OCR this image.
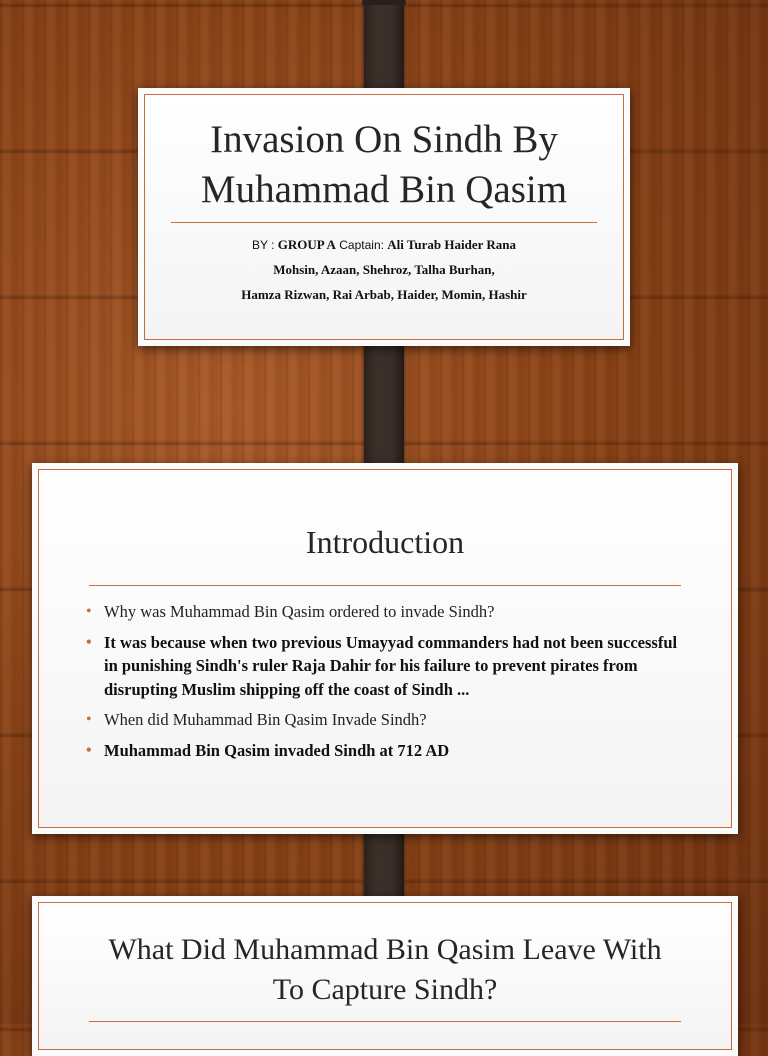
Invasion On Sindh By
Muhammad Bin Qasim
BY : GROUP A Captain: Ali Turab Haider Rana
Mohsin, Azaan, Shehroz, Talha Burhan,
Hamza Rizwan, Rai Arbab, Haider, Momin, Hashir
Introduction
• Why was Muhammad Bin Qasim ordered to invade Sindh?
• It was because when two previous Umayyad commanders had not been successful in punishing Sindh's ruler Raja Dahir for his failure to prevent pirates from disrupting Muslim shipping off the coast of Sindh ...
• When did Muhammad Bin Qasim Invade Sindh?
• Muhammad Bin Qasim invaded Sindh at 712 AD
What Did Muhammad Bin Qasim Leave With
To Capture Sindh?
